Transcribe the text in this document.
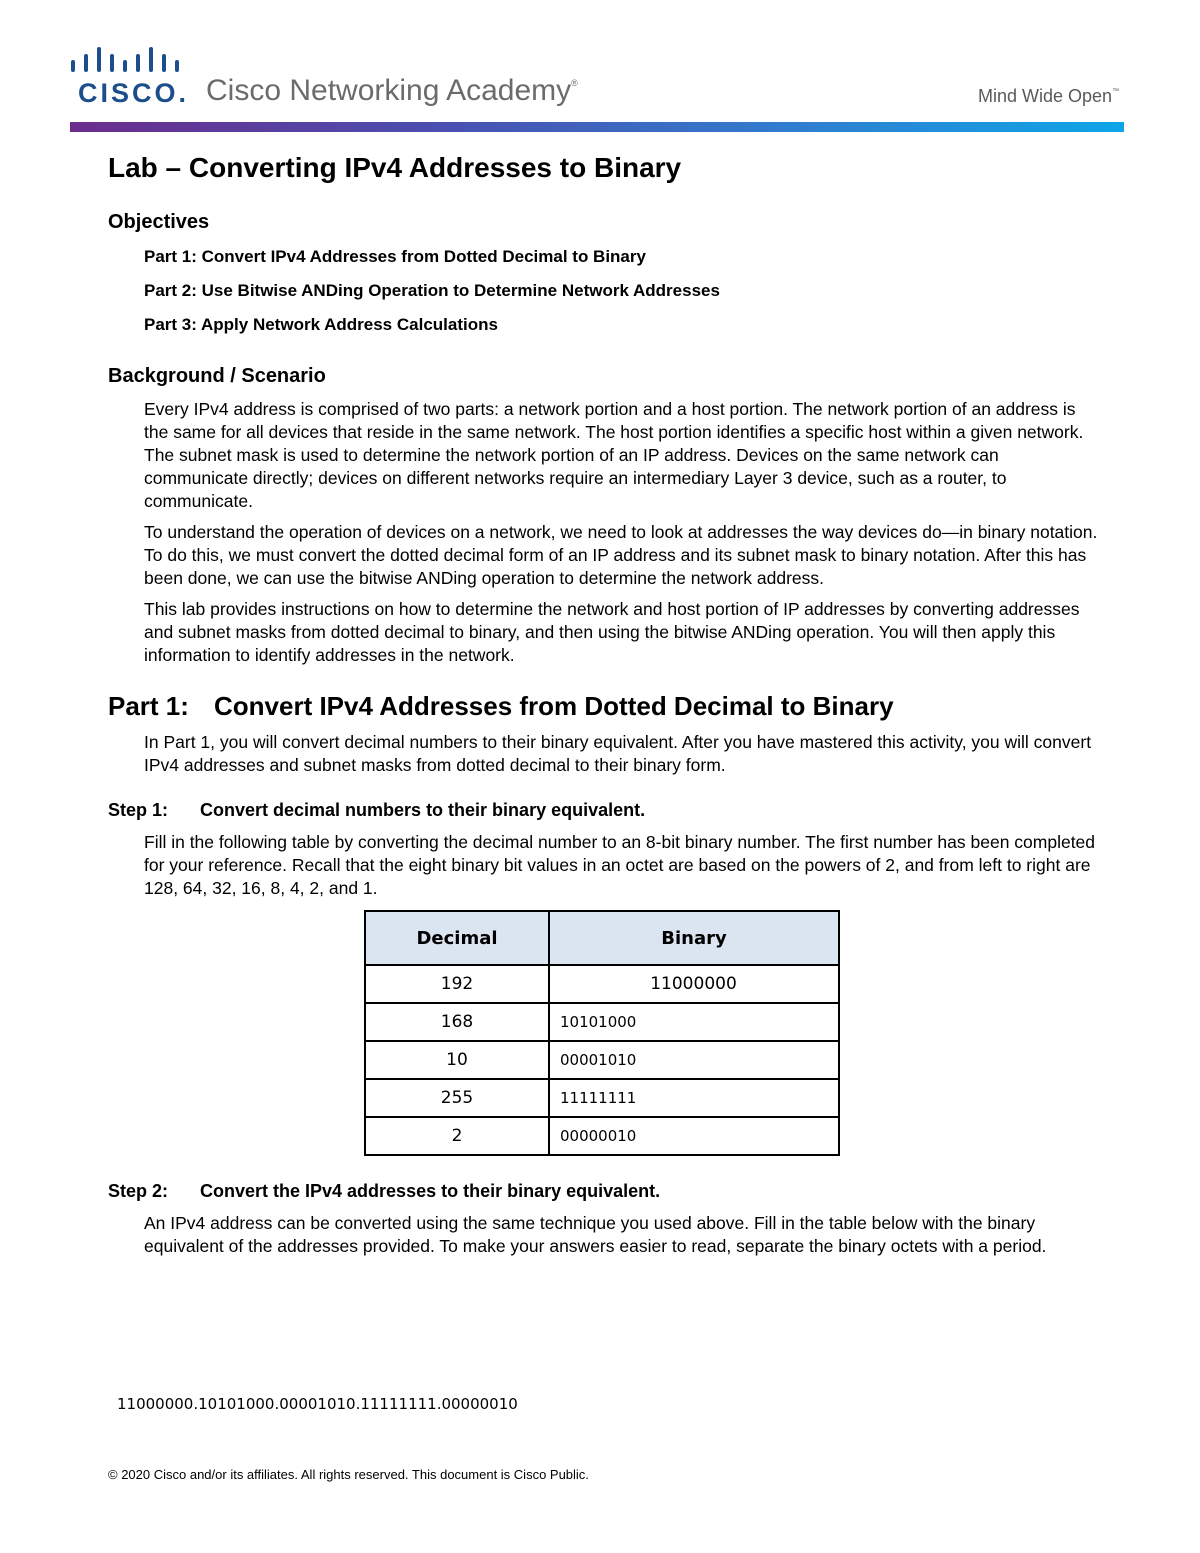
CISCO. Cisco Networking Academy®
Mind Wide Open™
Lab – Converting IPv4 Addresses to Binary
Objectives
Part 1: Convert IPv4 Addresses from Dotted Decimal to Binary
Part 2: Use Bitwise ANDing Operation to Determine Network Addresses
Part 3: Apply Network Address Calculations
Background / Scenario

Every IPv4 address is comprised of two parts: a network portion and a host portion. The network portion of an address is the same for all devices that reside in the same network. The host portion identifies a specific host within a given network. The subnet mask is used to determine the network portion of an IP address. Devices on the same network can communicate directly; devices on different networks require an intermediary Layer 3 device, such as a router, to communicate.

To understand the operation of devices on a network, we need to look at addresses the way devices do—in binary notation. To do this, we must convert the dotted decimal form of an IP address and its subnet mask to binary notation. After this has been done, we can use the bitwise ANDing operation to determine the network address.

This lab provides instructions on how to determine the network and host portion of IP addresses by converting addresses and subnet masks from dotted decimal to binary, and then using the bitwise ANDing operation. You will then apply this information to identify addresses in the network.

Part 1: Convert IPv4 Addresses from Dotted Decimal to Binary

In Part 1, you will convert decimal numbers to their binary equivalent. After you have mastered this activity, you will convert IPv4 addresses and subnet masks from dotted decimal to their binary form.

Step 1: Convert decimal numbers to their binary equivalent.

Fill in the following table by converting the decimal number to an 8-bit binary number. The first number has been completed for your reference. Recall that the eight binary bit values in an octet are based on the powers of 2, and from left to right are 128, 64, 32, 16, 8, 4, 2, and 1.

Decimal	Binary
192	11000000
168	10101000
10	00001010
255	11111111
2	00000010
Step 2: Convert the IPv4 addresses to their binary equivalent.

An IPv4 address can be converted using the same technique you used above. Fill in the table below with the binary equivalent of the addresses provided. To make your answers easier to read, separate the binary octets with a period.

11000000.10101000.00001010.11111111.00000010
© 2020 Cisco and/or its affiliates. All rights reserved. This document is Cisco Public.
